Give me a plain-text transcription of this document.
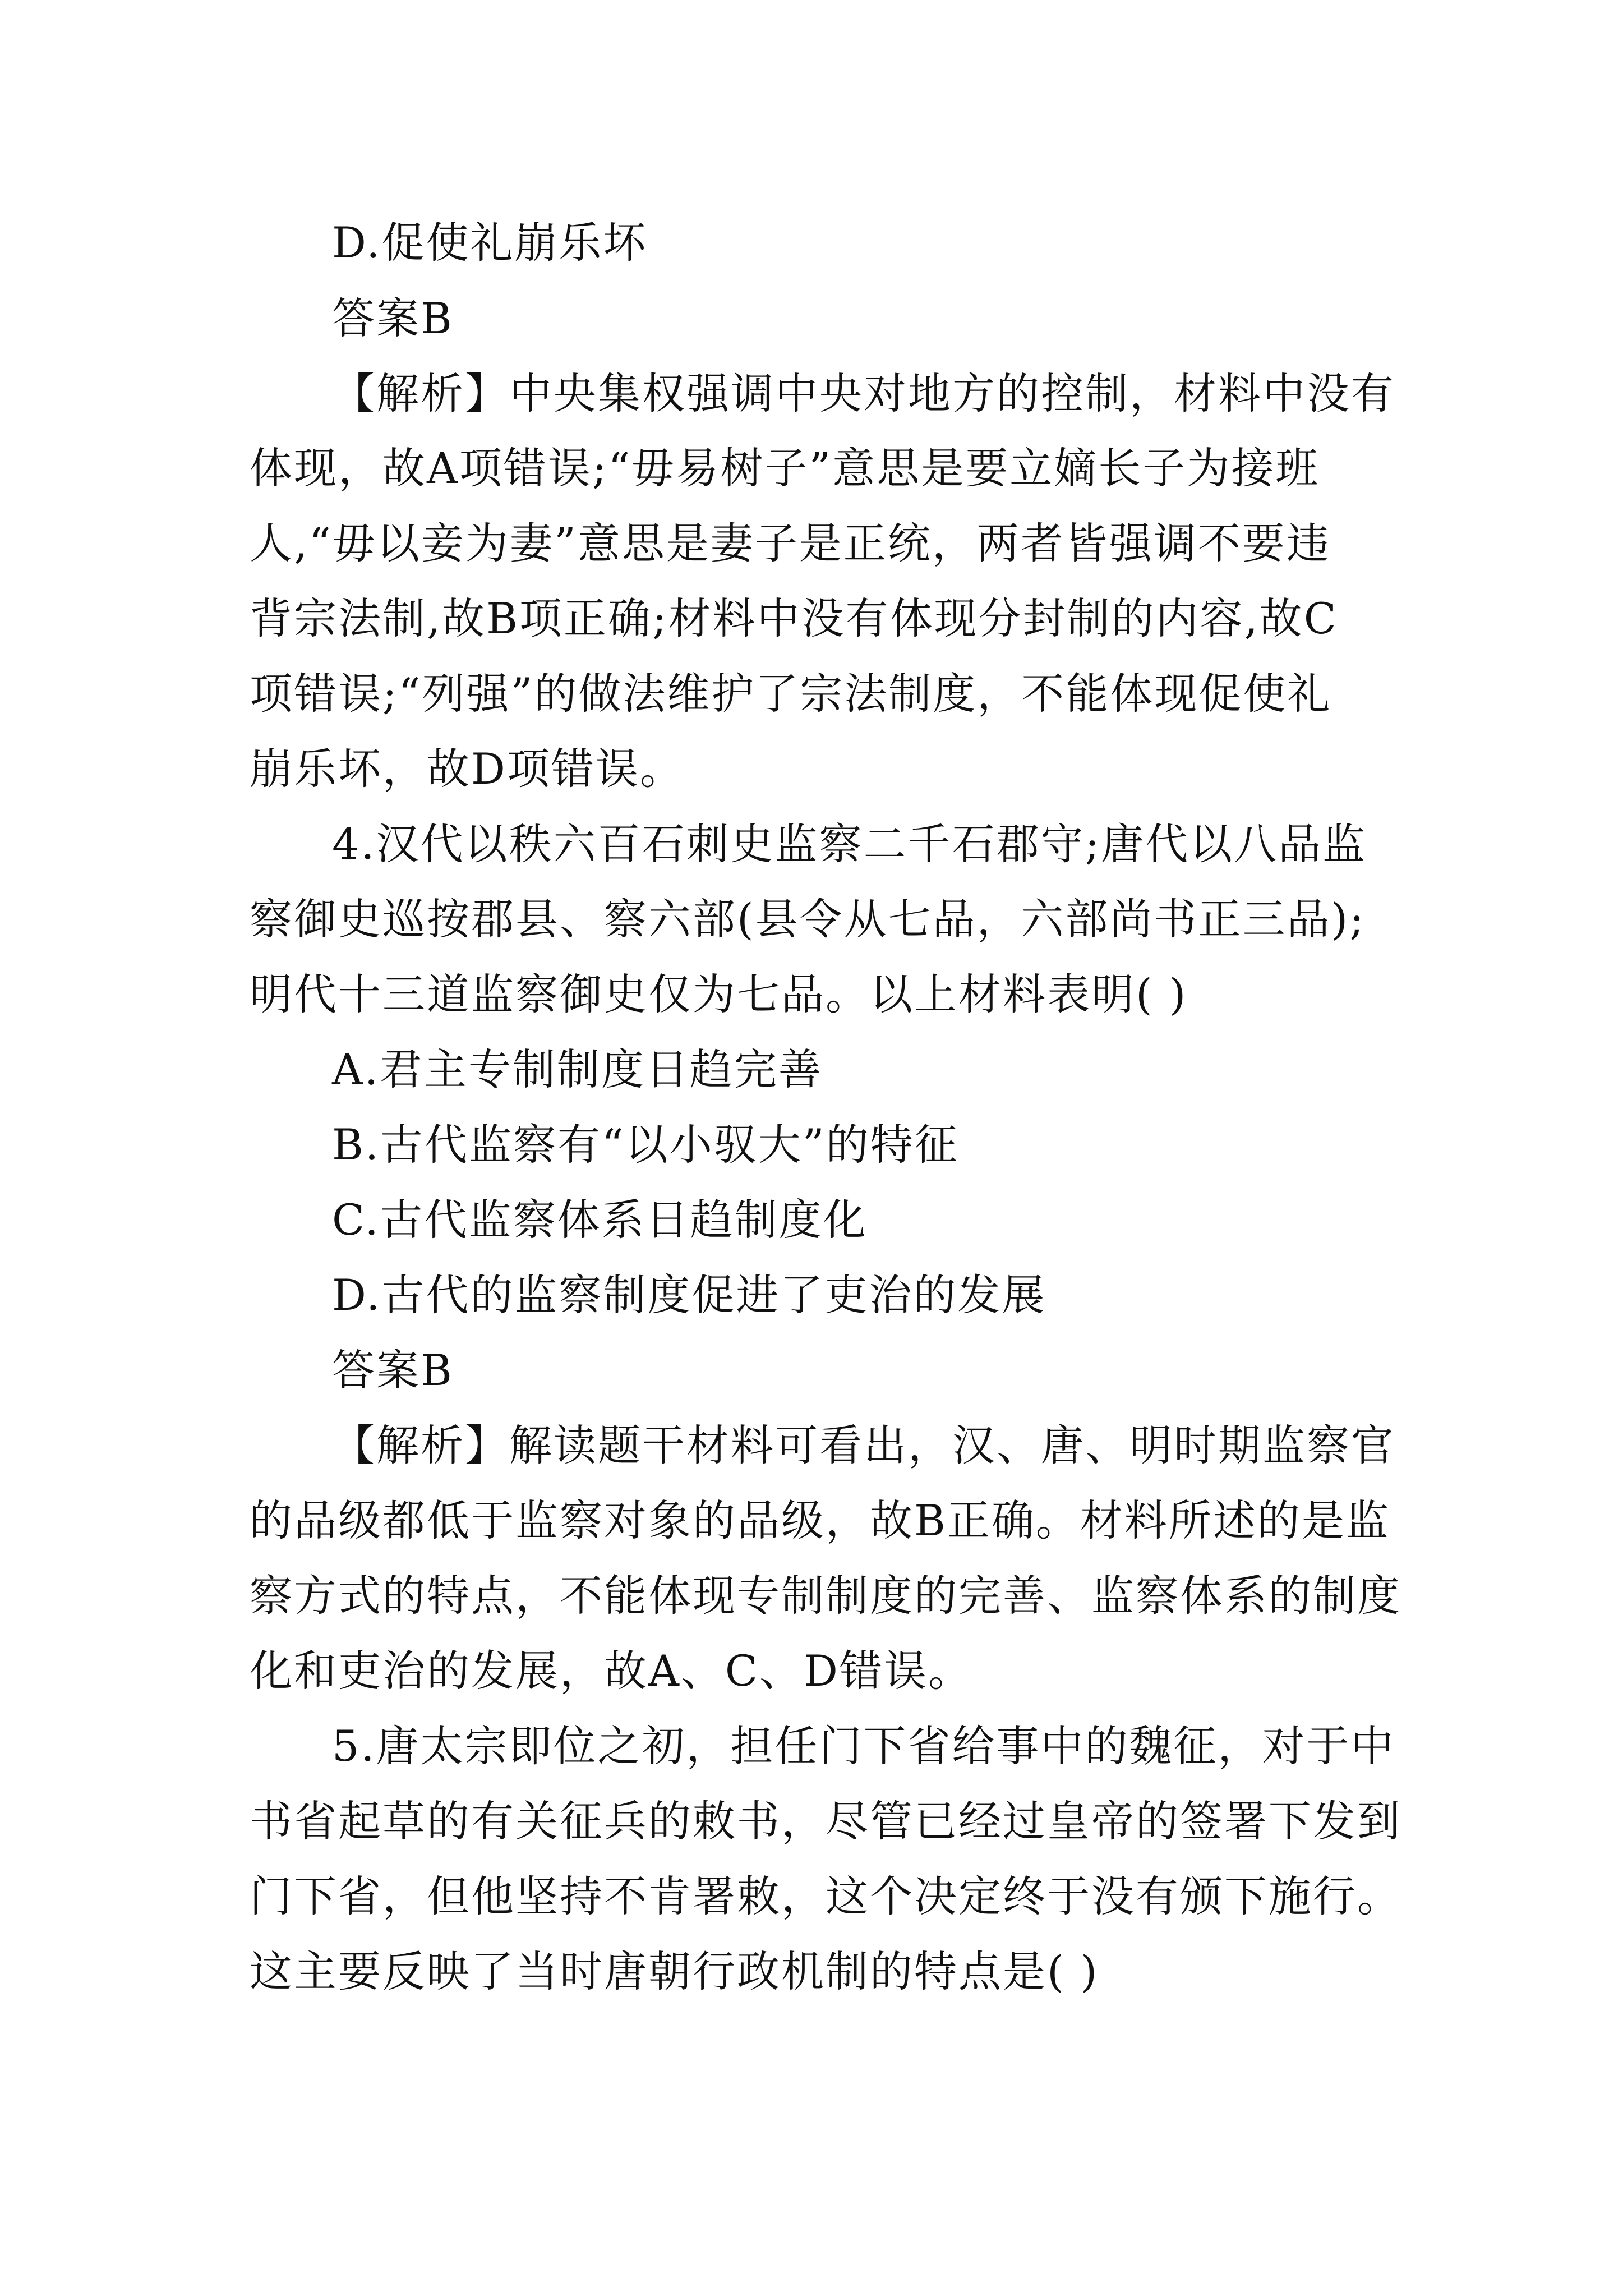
D.促使礼崩乐坏
答案B
【解析】中央集权强调中央对地方的控制，材料中没有
体现，故A项错误;“毋易树子”意思是要立嫡长子为接班
人,“毋以妾为妻”意思是妻子是正统，两者皆强调不要违
背宗法制,故B项正确;材料中没有体现分封制的内容,故C
项错误;“列强”的做法维护了宗法制度，不能体现促使礼
崩乐坏，故D项错误。
4.汉代以秩六百石刺史监察二千石郡守;唐代以八品监
察御史巡按郡县、察六部(县令从七品，六部尚书正三品);
明代十三道监察御史仅为七品。以上材料表明( )
A.君主专制制度日趋完善
B.古代监察有“以小驭大”的特征
C.古代监察体系日趋制度化
D.古代的监察制度促进了吏治的发展
答案B
【解析】解读题干材料可看出，汉、唐、明时期监察官
的品级都低于监察对象的品级，故B正确。材料所述的是监
察方式的特点，不能体现专制制度的完善、监察体系的制度
化和吏治的发展，故A、C、D错误。
5.唐太宗即位之初，担任门下省给事中的魏征，对于中
书省起草的有关征兵的敕书，尽管已经过皇帝的签署下发到
门下省，但他坚持不肯署敕，这个决定终于没有颁下施行。
这主要反映了当时唐朝行政机制的特点是( )
